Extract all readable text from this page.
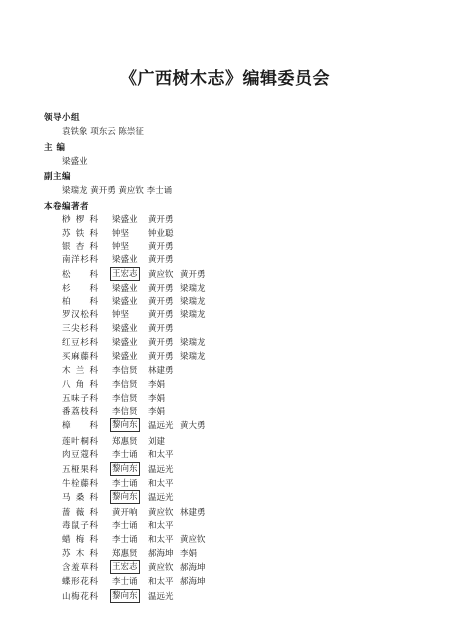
《广西树木志》编辑委员会
领导小组
袁铁象 项东云 陈崇征
主 编
梁盛业
副主编
梁瑞龙 黄开勇 黄应钦 李士诵
本卷编著者
桫椤科 梁盛业 黄开勇
苏铁科 钟坚 钟业聪
银杏科 钟坚 黄开勇
南洋杉科 梁盛业 黄开勇
松科 王宏志 黄应钦 黄开勇
杉科 梁盛业 黄开勇 梁瑞龙
柏科 梁盛业 黄开勇 梁瑞龙
罗汉松科 钟坚 黄开勇 梁瑞龙
三尖杉科 梁盛业 黄开勇
红豆杉科 梁盛业 黄开勇 梁瑞龙
买麻藤科 梁盛业 黄开勇 梁瑞龙
木兰科 李信贤 林建勇
八角科 李信贤 李娟
五味子科 李信贤 李娟
番荔枝科 李信贤 李娟
樟科 黎向东 温远光 黄大勇
莲叶桐科 郑惠贤 刘建
肉豆蔻科 李士诵 和太平
五桠果科 黎向东 温远光
牛栓藤科 李士诵 和太平
马桑科 黎向东 温远光
蔷薇科 黄开响 黄应钦 林建勇
毒鼠子科 李士诵 和太平
蜡梅科 李士诵 和太平 黄应钦
苏木科 郑惠贤 郝海坤 李娟
含羞草科 王宏志 黄应钦 郝海坤
蝶形花科 李士诵 和太平 郝海坤
山梅花科 黎向东 温远光
